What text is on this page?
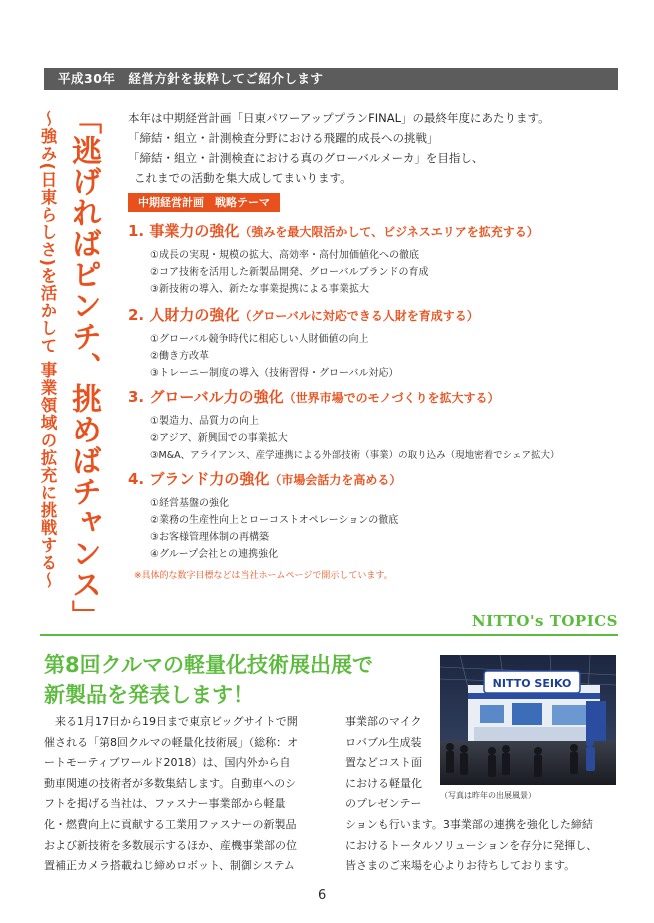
平成30年　経営方針を抜粋してご紹介します
「逃げればピンチ、挑めばチャンス」
〜強み(日東らしさ)を活かして 事業領域の拡充に挑戦する〜	本年は中期経営計画「日東パワーアッププランFINAL」の最終年度にあたります。

「締結・組立・計測検査分野における飛躍的成長への挑戦」

「締結・組立・計測検査における真のグローバルメーカ」を目指し、

これまでの活動を集大成してまいります。

中期経営計画　戦略テーマ
1. 事業力の強化（強みを最大限活かして、ビジネスエリアを拡充する）
①成長の実現・規模の拡大、高効率・高付加価値化への徹底
②コア技術を活用した新製品開発、グローバルブランドの育成
③新技術の導入、新たな事業提携による事業拡大
2. 人財力の強化（グローバルに対応できる人財を育成する）
①グローバル競争時代に相応しい人財価値の向上
②働き方改革
③トレーニー制度の導入（技術習得・グローバル対応）
3. グローバル力の強化（世界市場でのモノづくりを拡大する）
①製造力、品質力の向上
②アジア、新興国での事業拡大
③M&A、アライアンス、産学連携による外部技術（事業）の取り込み（現地密着でシェア拡大）
4. ブランド力の強化（市場会話力を高める）
①経営基盤の強化
②業務の生産性向上とローコストオペレーションの徹底
③お客様管理体制の再構築
④グループ会社との連携強化
※具体的な数字目標などは当社ホームページで開示しています。
NITTO's TOPICS

第8回クルマの軽量化技術展出展で

新製品を発表します！	NITTO SEIKO
（写真は昨年の出展風景）

　来る1月17日から19日まで東京ビッグサイトで開

催される「第8回クルマの軽量化技術展」（総称：オ

ートモーティブワールド2018）は、国内外から自

動車関連の技術者が多数集結します。自動車へのシ

フトを掲げる当社は、ファスナー事業部から軽量

化・燃費向上に貢献する工業用ファスナーの新製品

および新技術を多数展示するほか、産機事業部の位

置補正カメラ搭載ねじ締めロボット、制御システム

事業部のマイク

ロバブル生成装

置などコスト面

における軽量化

のプレゼンテー

ションも行います。3事業部の連携を強化した締結

におけるトータルソリューションを存分に発揮し、

皆さまのご来場を心よりお待ちしております。

6
